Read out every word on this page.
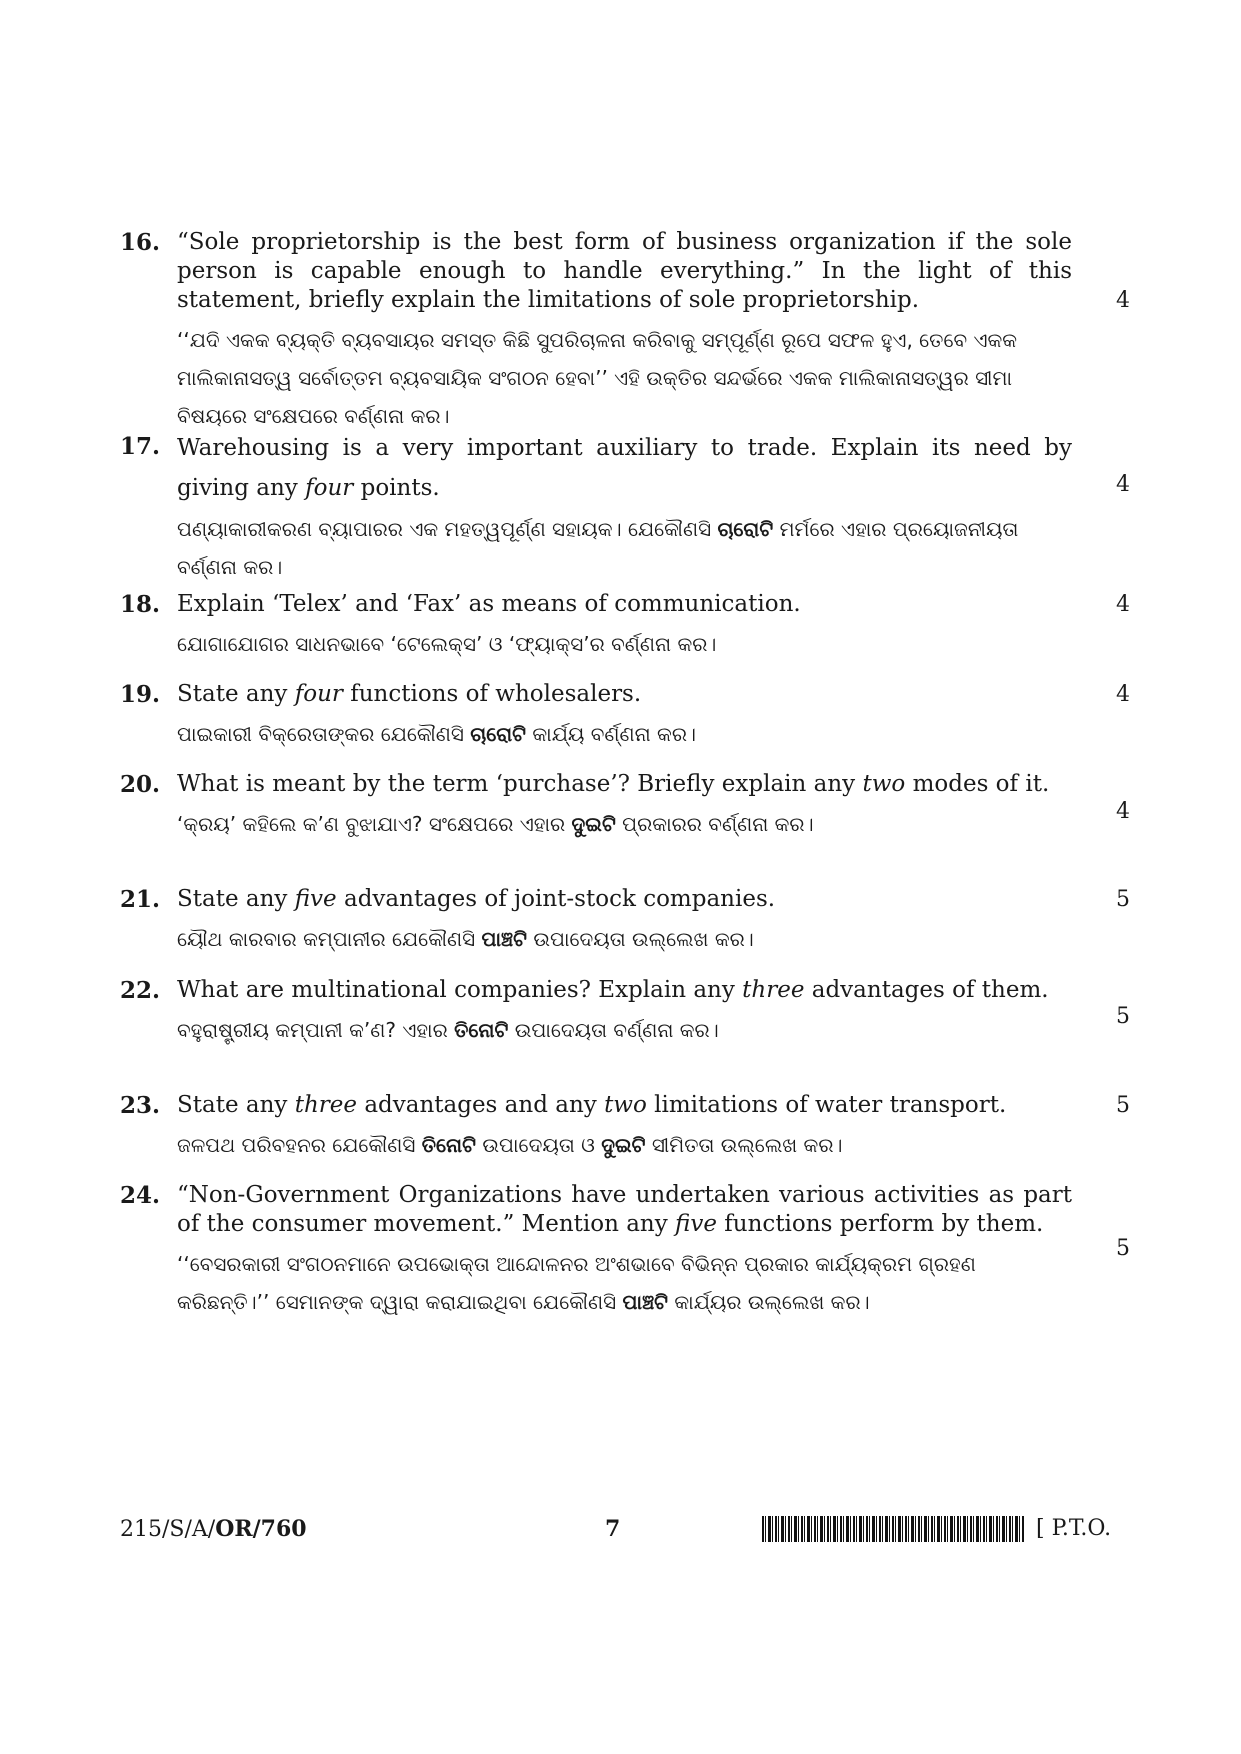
16. “Sole proprietorship is the best form of business organization if the sole person is capable enough to handle everything.” In the light of this statement, briefly explain the limitations of sole proprietorship.	4
‘‘ଯଦି ଏକକ ବ୍ୟକ୍ତି ବ୍ୟବସାୟର ସମସ୍ତ କିଛି ସୁପରିଚାଳନା କରିବାକୁ ସମ୍ପୂର୍ଣ୍ଣ ରୂପେ ସଫଳ ହୁଏ, ତେବେ ଏକକ ମାଲିକାନାସତ୍ୱ ସର୍ବୋତ୍ତମ ବ୍ୟବସାୟିକ ସଂଗଠନ ହେବା’’ ଏହି ଉକ୍ତିର ସନ୍ଦର୍ଭରେ ଏକକ ମାଲିକାନାସତ୍ୱର ସୀମା ବିଷୟରେ ସଂକ୍ଷେପରେ ବର୍ଣ୍ଣନା କର।
17. Warehousing is a very important auxiliary to trade. Explain its need by giving any four points.	4
ପଣ୍ୟାକାରୀକରଣ ବ୍ୟାପାରର ଏକ ମହତ୍ୱପୂର୍ଣ୍ଣ ସହାୟକ। ଯେକୌଣସି ଚାରୋଟି ମର୍ମରେ ଏହାର ପ୍ରୟୋଜନୀୟତା ବର୍ଣ୍ଣନା କର।
18. Explain ‘Telex’ and ‘Fax’ as means of communication.	4
ଯୋଗାଯୋଗର ସାଧନଭାବେ ‘ଟେଲେକ୍ସ’ ଓ ‘ଫ୍ୟାକ୍ସ’ର ବର୍ଣ୍ଣନା କର।
19. State any four functions of wholesalers.	4
ପାଇକାରୀ ବିକ୍ରେତାଙ୍କର ଯେକୌଣସି ଚାରୋଟି କାର୍ଯ୍ୟ ବର୍ଣ୍ଣନା କର।
20. What is meant by the term ‘purchase’? Briefly explain any two modes of it.
4
‘କ୍ରୟ’ କହିଲେ କ’ଣ ବୁଝାଯାଏ? ସଂକ୍ଷେପରେ ଏହାର ଦୁଇଟି ପ୍ରକାରର ବର୍ଣ୍ଣନା କର।
21. State any five advantages of joint-stock companies.	5
ୟୌଥ କାରବାର କମ୍ପାନୀର ଯେକୌଣସି ପାଞ୍ଚଟି ଉପାଦେୟତା ଉଲ୍ଲେଖ କର।
22. What are multinational companies? Explain any three advantages of them.
5
ବହୁରାଷ୍ଟ୍ରୀୟ କମ୍ପାନୀ କ’ଣ? ଏହାର ତିନୋଟି ଉପାଦେୟତା ବର୍ଣ୍ଣନା କର।
23. State any three advantages and any two limitations of water transport.	5
ଜଳପଥ ପରିବହନର ଯେକୌଣସି ତିନୋଟି ଉପାଦେୟତା ଓ ଦୁଇଟି ସୀମିତତା ଉଲ୍ଲେଖ କର।
24. “Non-Government Organizations have undertaken various activities as part of the consumer movement.” Mention any five functions perform by them.
5
‘‘ବେସରକାରୀ ସଂଗଠନମାନେ ଉପଭୋକ୍ତା ଆନ୍ଦୋଳନର ଅଂଶଭାବେ ବିଭିନ୍ନ ପ୍ରକାର କାର୍ଯ୍ୟକ୍ରମ ଗ୍ରହଣ କରିଛନ୍ତି।’’ ସେମାନଙ୍କ ଦ୍ୱାରା କରାଯାଇଥିବା ଯେକୌଣସି ପାଞ୍ଚଟି କାର୍ଯ୍ୟର ଉଲ୍ଲେଖ କର।
215/S/A/OR/760	7	[ P.T.O.
